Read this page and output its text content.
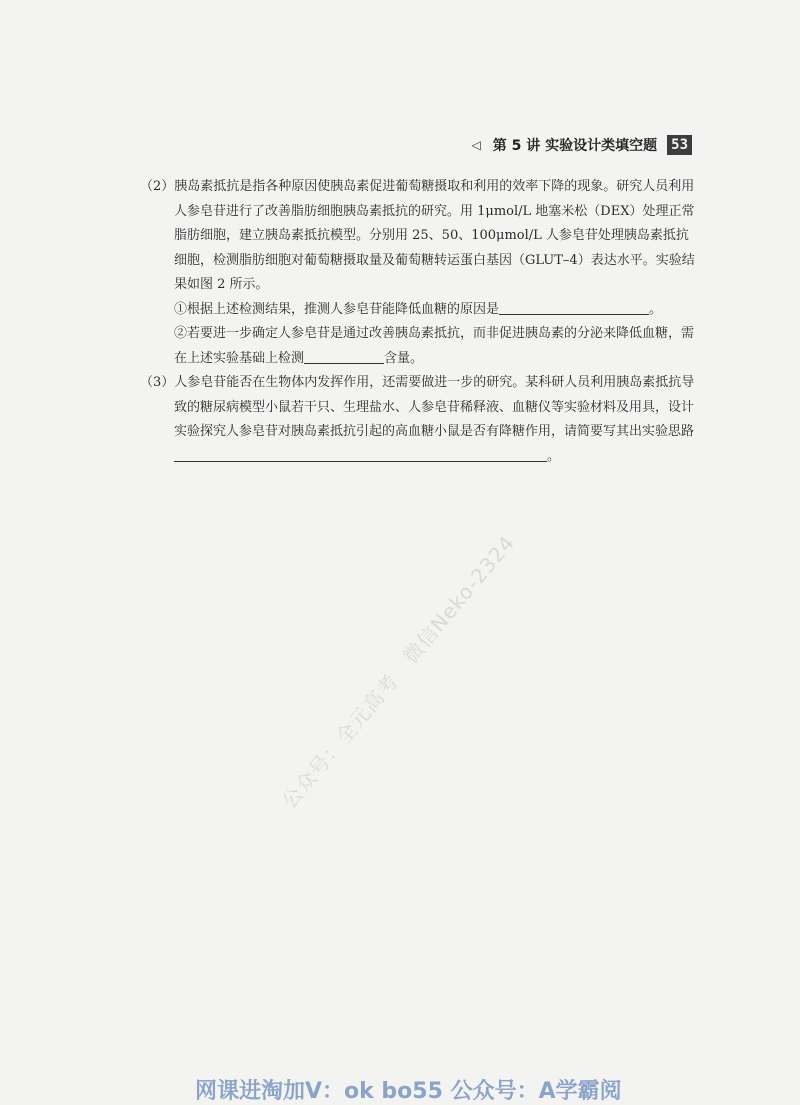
◁ 第 5 讲 实验设计类填空题 53

（2）胰岛素抵抗是指各种原因使胰岛素促进葡萄糖摄取和利用的效率下降的现象。研究人员利用人参皂苷进行了改善脂肪细胞胰岛素抵抗的研究。用 1μmol/L 地塞米松（DEX）处理正常脂肪细胞，建立胰岛素抵抗模型。分别用 25、50、100μmol/L 人参皂苷处理胰岛素抵抗细胞，检测脂肪细胞对葡萄糖摄取量及葡萄糖转运蛋白基因（GLUT–4）表达水平。实验结果如图 2 所示。

①根据上述检测结果，推测人参皂苷能降低血糖的原因是	。

②若要进一步确定人参皂苷是通过改善胰岛素抵抗，而非促进胰岛素的分泌来降低血糖，需在上述实验基础上检测	含量。

（3）人参皂苷能否在生物体内发挥作用，还需要做进一步的研究。某科研人员利用胰岛素抵抗导致的糖尿病模型小鼠若干只、生理盐水、人参皂苷稀释液、血糖仪等实验材料及用具，设计实验探究人参皂苷对胰岛素抵抗引起的高血糖小鼠是否有降糖作用，请简要写其出实验思路。

公众号：全元高考　微信Neko-2324
网课进淘加V：ok bo55 公众号：A学霸阅
